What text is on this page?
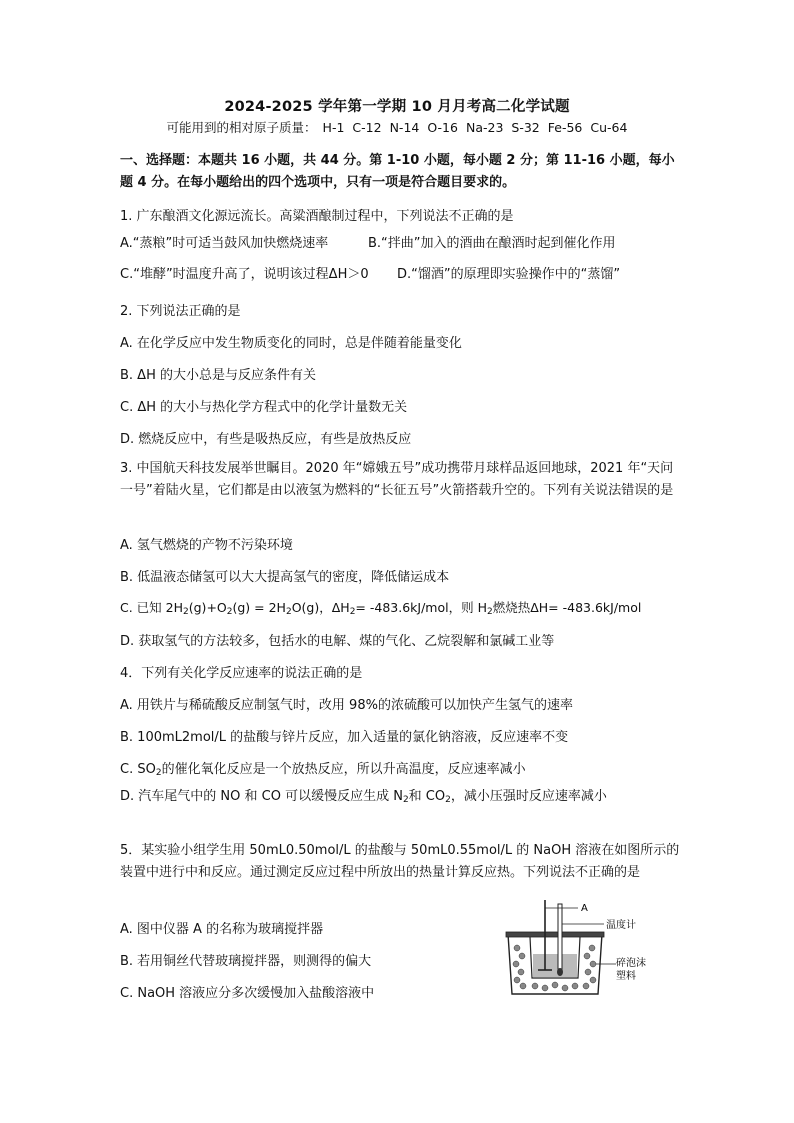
2024-2025 学年第一学期 10 月月考高二化学试题
可能用到的相对原子质量： H-1 C-12 N-14 O-16 Na-23 S-32 Fe-56 Cu-64
一、选择题：本题共 16 小题，共 44 分。第 1-10 小题，每小题 2 分；第 11-16 小题，每小题 4 分。在每小题给出的四个选项中，只有一项是符合题目要求的。
1. 广东酿酒文化源远流长。高粱酒酿制过程中，下列说法不正确的是
A.“蒸粮”时可适当鼓风加快燃烧速率	B.“拌曲”加入的酒曲在酿酒时起到催化作用
C.“堆酵”时温度升高了，说明该过程ΔH＞0 D.“馏酒”的原理即实验操作中的“蒸馏”
2. 下列说法正确的是
A. 在化学反应中发生物质变化的同时，总是伴随着能量变化
B. ΔH 的大小总是与反应条件有关
C. ΔH 的大小与热化学方程式中的化学计量数无关
D. 燃烧反应中，有些是吸热反应，有些是放热反应
3. 中国航天科技发展举世瞩目。2020 年“嫦娥五号”成功携带月球样品返回地球，2021 年“天问一号”着陆火星，它们都是由以液氢为燃料的“长征五号”火箭搭载升空的。下列有关说法错误的是
A. 氢气燃烧的产物不污染环境
B. 低温液态储氢可以大大提高氢气的密度，降低储运成本
C. 已知 $2H_2(g)+O_2(g) = 2H_2O(g)$，$\Delta H_2= -483.6kJ/mol$，则 $H_2$燃烧热ΔH= -483.6kJ/mol
D. 获取氢气的方法较多，包括水的电解、煤的气化、乙烷裂解和氯碱工业等
4．下列有关化学反应速率的说法正确的是
A. 用铁片与稀硫酸反应制氢气时，改用 98%的浓硫酸可以加快产生氢气的速率
B. 100mL2mol/L 的盐酸与锌片反应，加入适量的氯化钠溶液，反应速率不变
C. $SO_2$的催化氧化反应是一个放热反应，所以升高温度，反应速率减小
D. 汽车尾气中的 NO 和 CO 可以缓慢反应生成 $N_2$和 $CO_2$，减小压强时反应速率减小
5．某实验小组学生用 50mL0.50mol/L 的盐酸与 50mL0.55mol/L 的 NaOH 溶液在如图所示的装置中进行中和反应。通过测定反应过程中所放出的热量计算反应热。下列说法不正确的是
A. 图中仪器 A 的名称为玻璃搅拌器
B. 若用铜丝代替玻璃搅拌器，则测得的偏大
C. NaOH 溶液应分多次缓慢加入盐酸溶液中
A
温度计
碎泡沫
塑料
